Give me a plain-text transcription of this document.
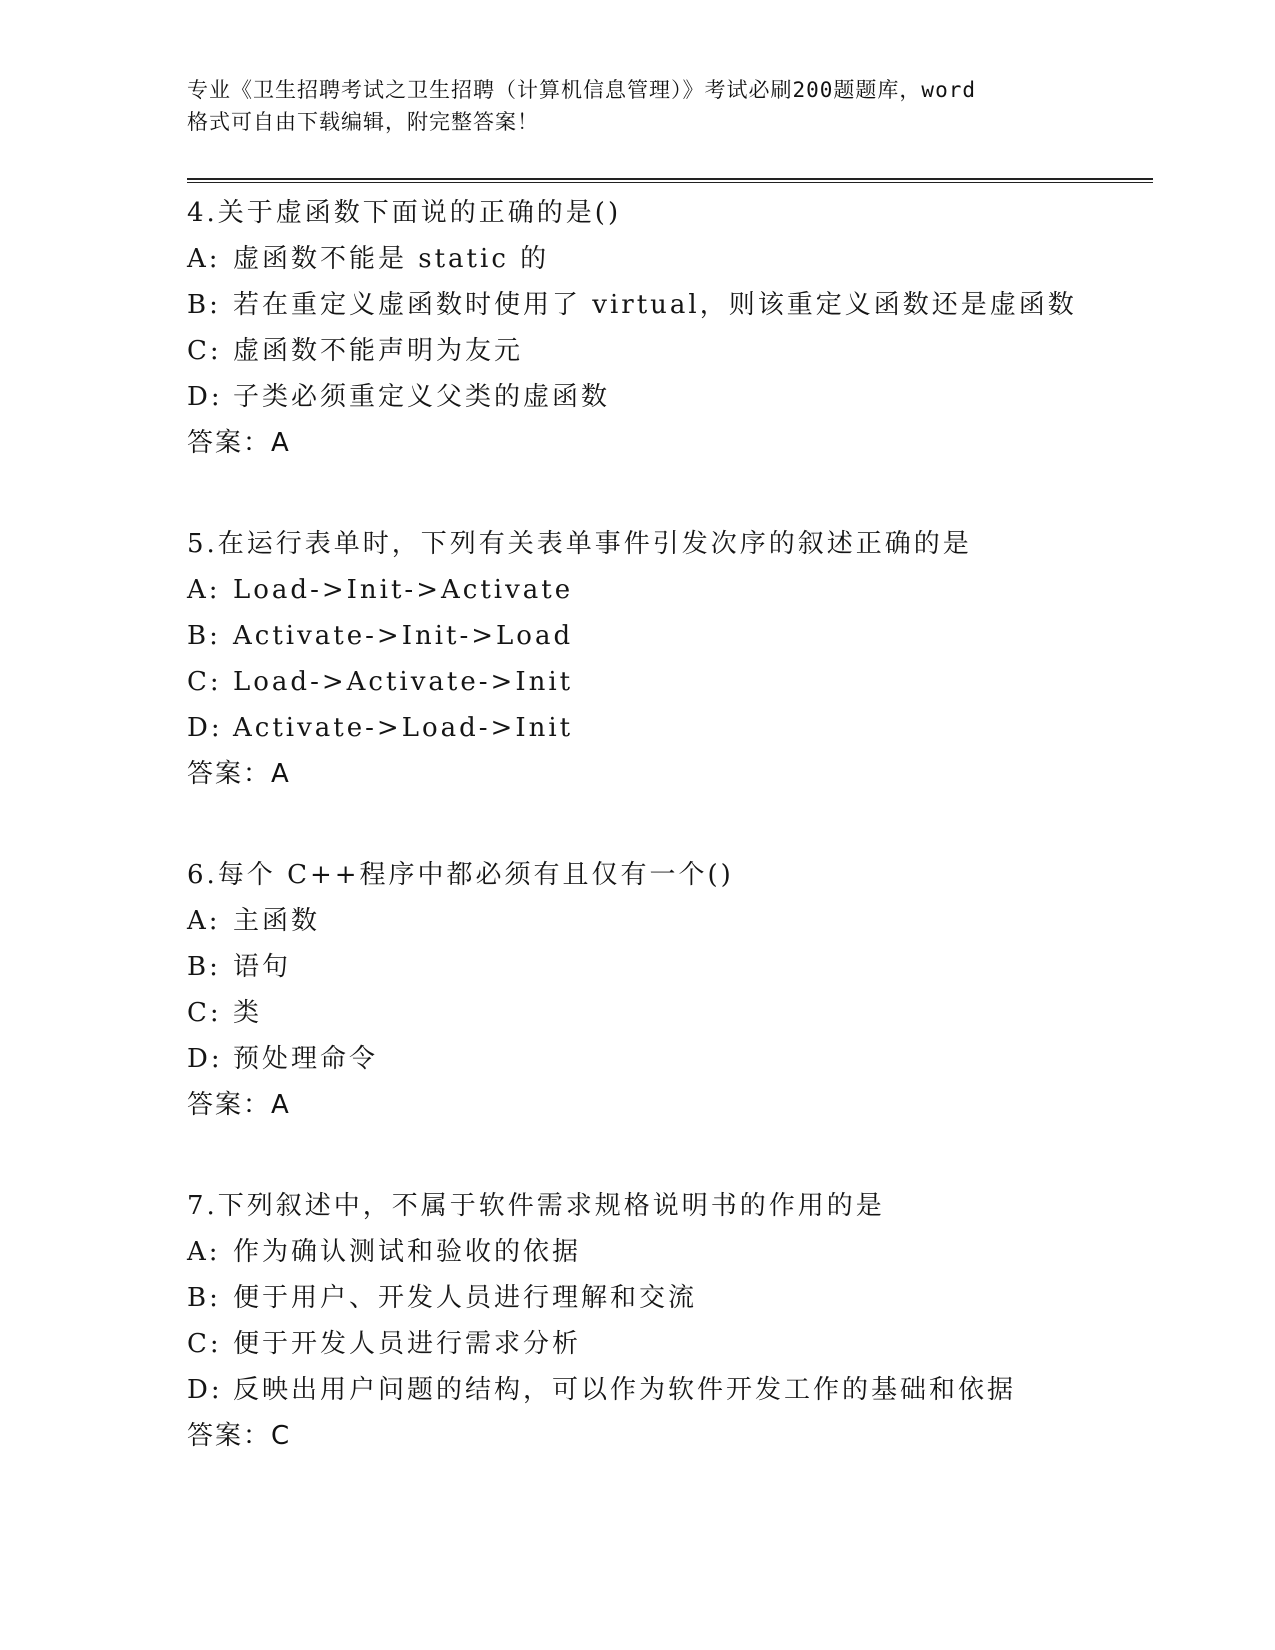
专业《卫生招聘考试之卫生招聘（计算机信息管理）》考试必刷200题题库，word
格式可自由下载编辑，附完整答案！
4.关于虚函数下面说的正确的是()
A: 虚函数不能是 static 的
B: 若在重定义虚函数时使用了 virtual，则该重定义函数还是虚函数
C: 虚函数不能声明为友元
D: 子类必须重定义父类的虚函数
答案：A
5.在运行表单时，下列有关表单事件引发次序的叙述正确的是
A: Load->Init->Activate
B: Activate->Init->Load
C: Load->Activate->Init
D: Activate->Load->Init
答案：A
6.每个 C++程序中都必须有且仅有一个()
A: 主函数
B: 语句
C: 类
D: 预处理命令
答案：A
7.下列叙述中，不属于软件需求规格说明书的作用的是
A: 作为确认测试和验收的依据
B: 便于用户、开发人员进行理解和交流
C: 便于开发人员进行需求分析
D: 反映出用户问题的结构，可以作为软件开发工作的基础和依据
答案：C
